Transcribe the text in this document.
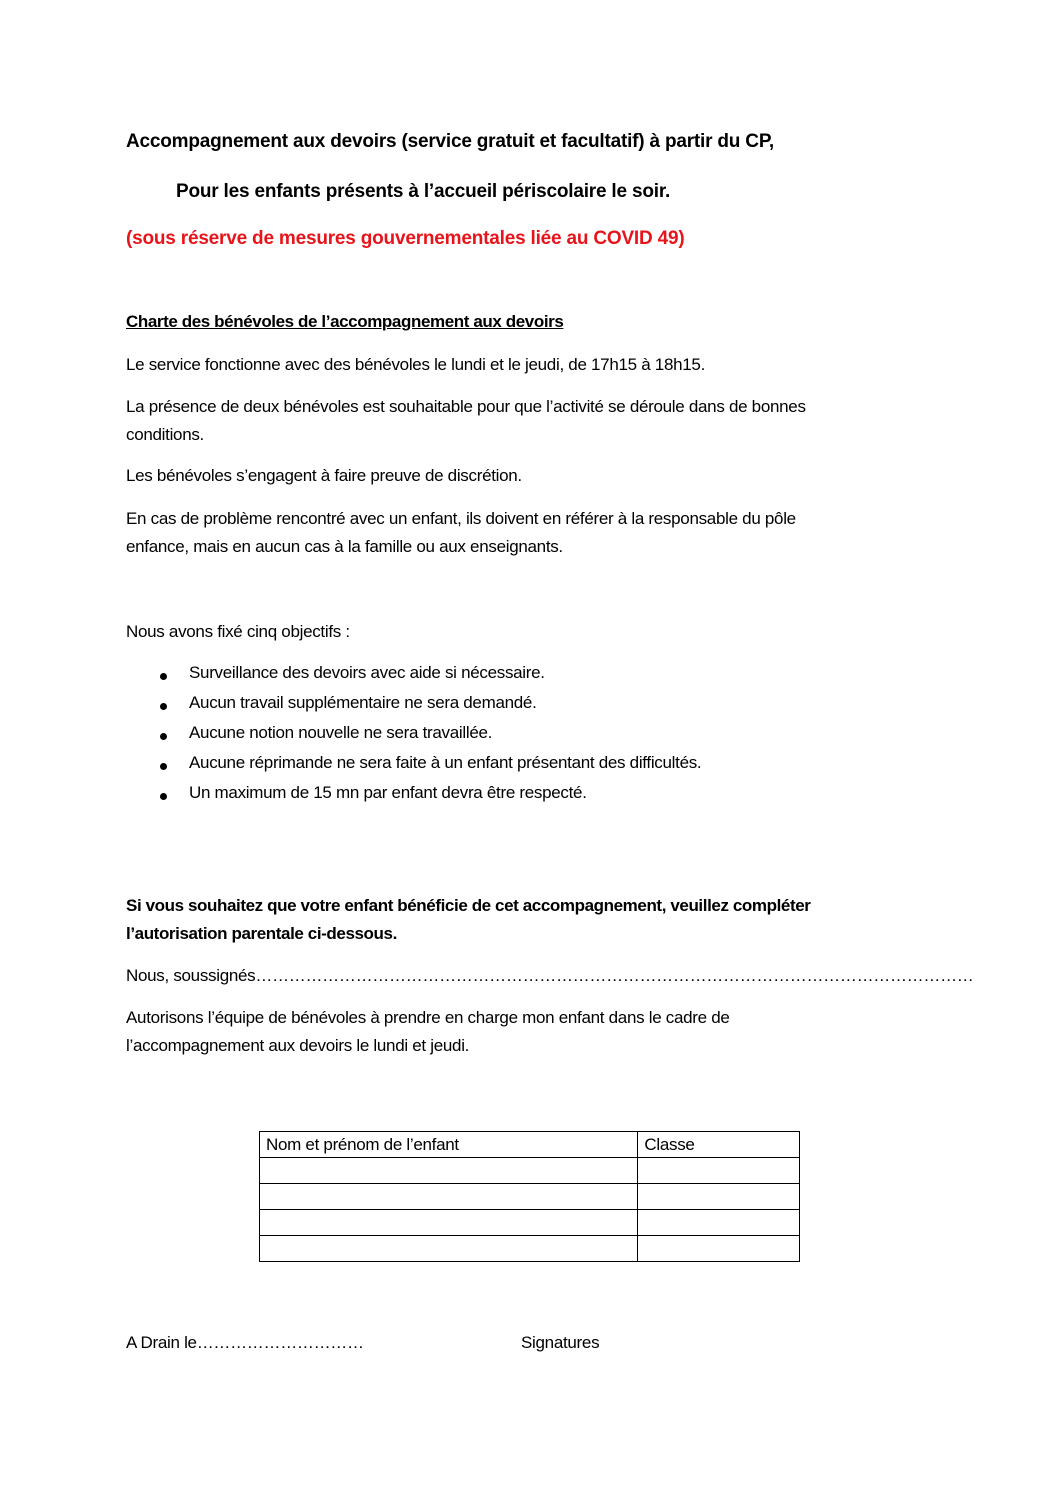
Accompagnement aux devoirs (service gratuit et facultatif) à partir du CP,
Pour les enfants présents à l’accueil périscolaire le soir.
(sous réserve de mesures gouvernementales liée au COVID 49)
Charte des bénévoles de l’accompagnement aux devoirs
Le service fonctionne avec des bénévoles le lundi et le jeudi, de 17h15 à 18h15.
La présence de deux bénévoles est souhaitable pour que l’activité se déroule dans de bonnes
conditions.
Les bénévoles s’engagent à faire preuve de discrétion.
En cas de problème rencontré avec un enfant, ils doivent en référer à la responsable du pôle
enfance, mais en aucun cas à la famille ou aux enseignants.
Nous avons fixé cinq objectifs :
Surveillance des devoirs avec aide si nécessaire.
Aucun travail supplémentaire ne sera demandé.
Aucune notion nouvelle ne sera travaillée.
Aucune réprimande ne sera faite à un enfant présentant des difficultés.
Un maximum de 15 mn par enfant devra être respecté.
Si vous souhaitez que votre enfant bénéficie de cet accompagnement, veuillez compléter
l’autorisation parentale ci-dessous.
Nous, soussignés…………………………………………………………………………………………………………………
Autorisons l’équipe de bénévoles à prendre en charge mon enfant dans le cadre de
l’accompagnement aux devoirs le lundi et jeudi.
Nom et prénom de l’enfant	Classe

A Drain le…………………………	Signatures
